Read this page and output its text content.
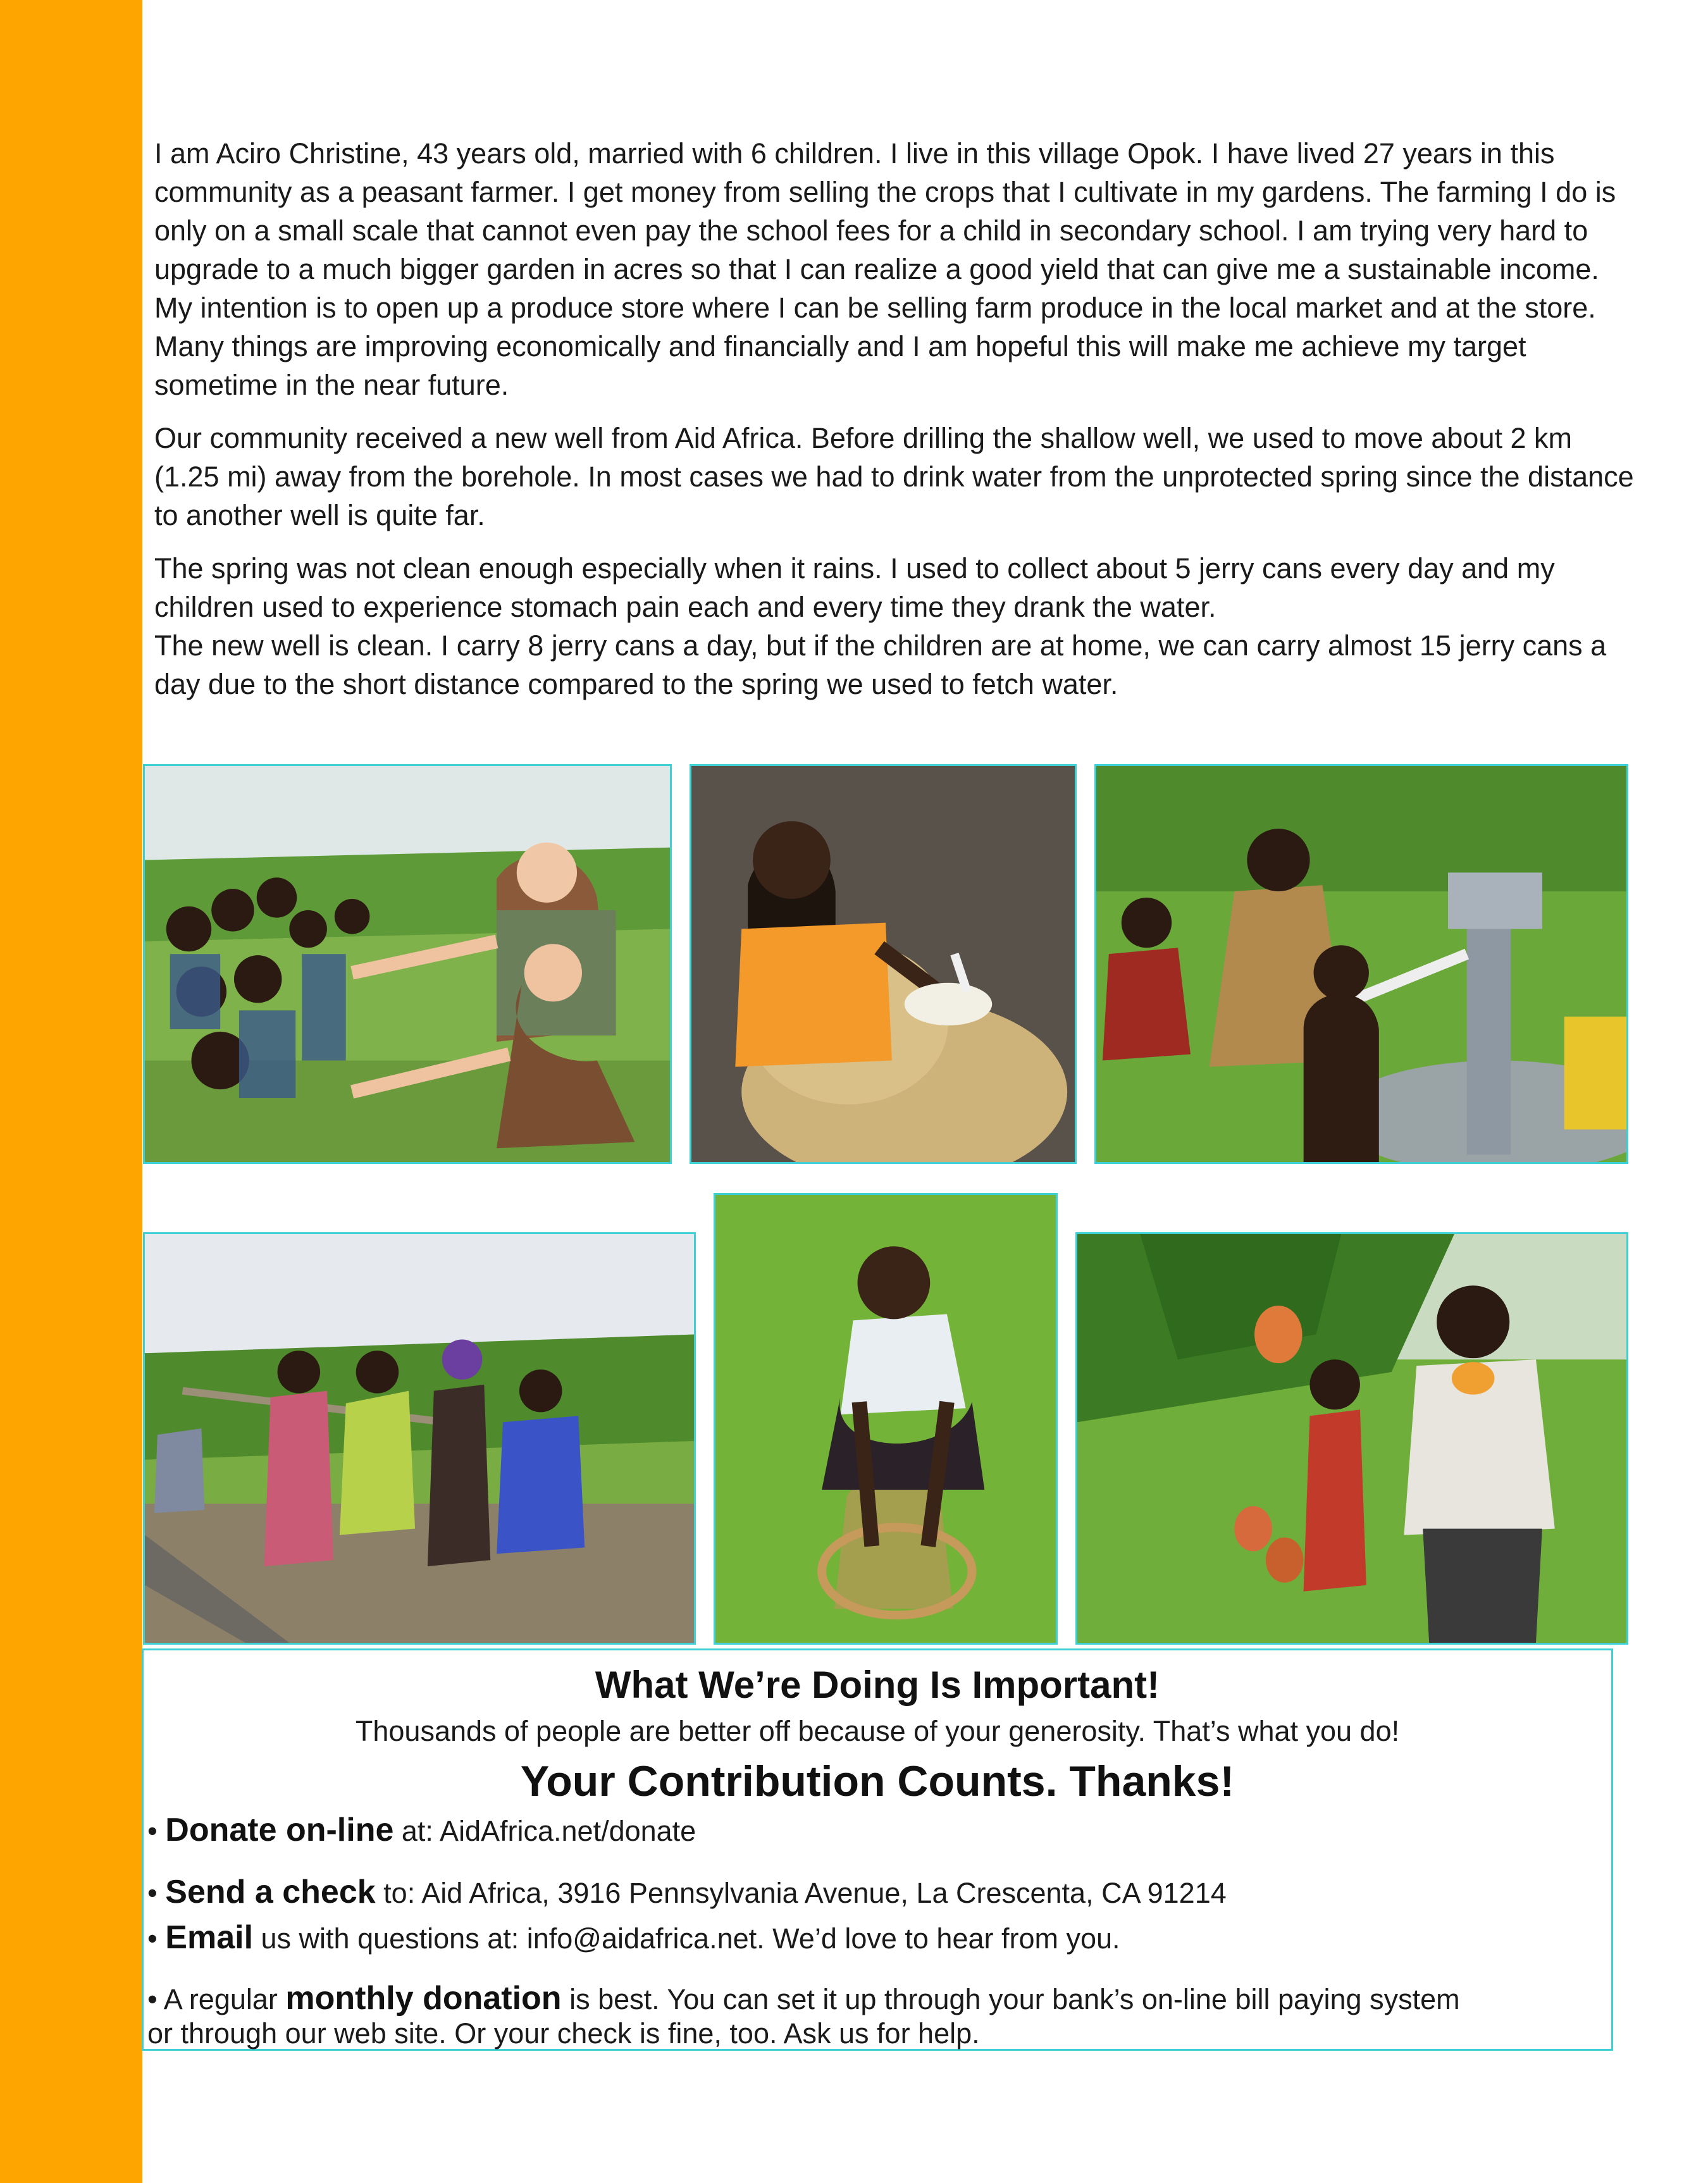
I am Aciro Christine, 43 years old, married with 6 children. I live in this village Opok. I have lived 27 years in this community as a peasant farmer. I get money from selling the crops that I cultivate in my gardens. The farming I do is only on a small scale that cannot even pay the school fees for a child in secondary school. I am trying very hard to upgrade to a much bigger garden in acres so that I can realize a good yield that can give me a sustainable income. My intention is to open up a produce store where I can be selling farm produce in the local market and at the store. Many things are improving economically and financially and I am hopeful this will make me achieve my target sometime in the near future.

Our community received a new well from Aid Africa. Before drilling the shallow well, we used to move about 2 km (1.25 mi) away from the borehole. In most cases we had to drink water from the unprotected spring since the distance to another well is quite far.

The spring was not clean enough especially when it rains. I used to collect about 5 jerry cans every day and my children used to experience stomach pain each and every time they drank the water.

The new well is clean. I carry 8 jerry cans a day, but if the children are at home, we can carry almost 15 jerry cans a day due to the short distance compared to the spring we used to fetch water.

What We’re Doing Is Important!
Thousands of people are better off because of your generosity. That’s what you do!
Your Contribution Counts. Thanks!
• Donate on-line at: AidAfrica.net/donate
• Send a check to: Aid Africa, 3916 Pennsylvania Avenue, La Crescenta, CA 91214
• Email us with questions at: info@aidafrica.net. We’d love to hear from you.
• A regular monthly donation is best. You can set it up through your bank’s on-line bill paying system
or through our web site. Or your check is fine, too. Ask us for help.
